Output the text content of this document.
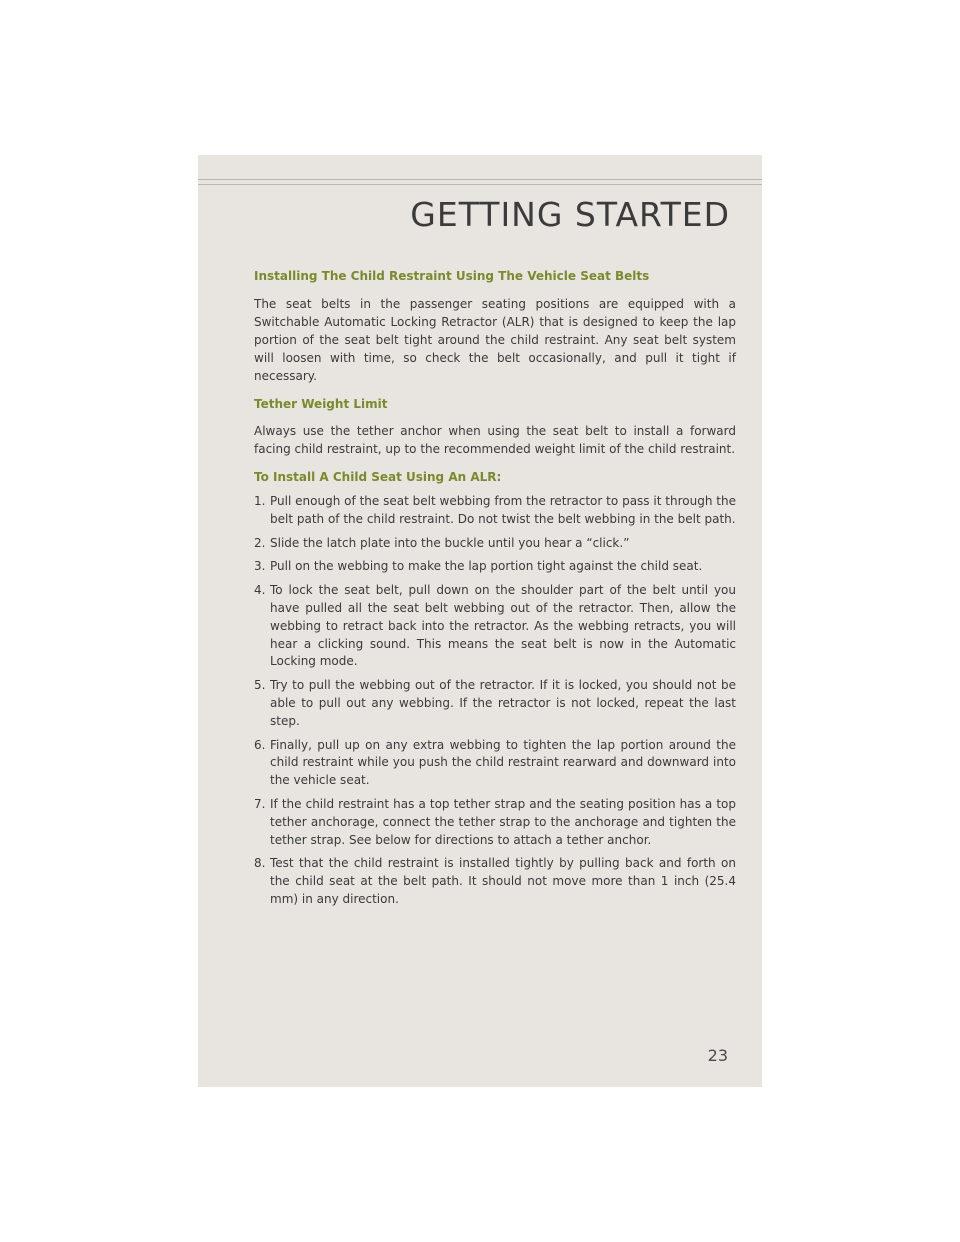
GETTING STARTED
Installing The Child Restraint Using The Vehicle Seat Belts

The seat belts in the passenger seating positions are equipped with a Switchable Automatic Locking Retractor (ALR) that is designed to keep the lap portion of the seat belt tight around the child restraint. Any seat belt system will loosen with time, so check the belt occasionally, and pull it tight if necessary.

Tether Weight Limit

Always use the tether anchor when using the seat belt to install a forward facing child restraint, up to the recommended weight limit of the child restraint.

To Install A Child Seat Using An ALR:
1. Pull enough of the seat belt webbing from the retractor to pass it through the belt path of the child restraint. Do not twist the belt webbing in the belt path.
2. Slide the latch plate into the buckle until you hear a “click.”
3. Pull on the webbing to make the lap portion tight against the child seat.
4. To lock the seat belt, pull down on the shoulder part of the belt until you have pulled all the seat belt webbing out of the retractor. Then, allow the webbing to retract back into the retractor. As the webbing retracts, you will hear a clicking sound. This means the seat belt is now in the Automatic Locking mode.
5. Try to pull the webbing out of the retractor. If it is locked, you should not be able to pull out any webbing. If the retractor is not locked, repeat the last step.
6. Finally, pull up on any extra webbing to tighten the lap portion around the child restraint while you push the child restraint rearward and downward into the vehicle seat.
7. If the child restraint has a top tether strap and the seating position has a top tether anchorage, connect the tether strap to the anchorage and tighten the tether strap. See below for directions to attach a tether anchor.
8. Test that the child restraint is installed tightly by pulling back and forth on the child seat at the belt path. It should not move more than 1 inch (25.4 mm) in any direction.
23
